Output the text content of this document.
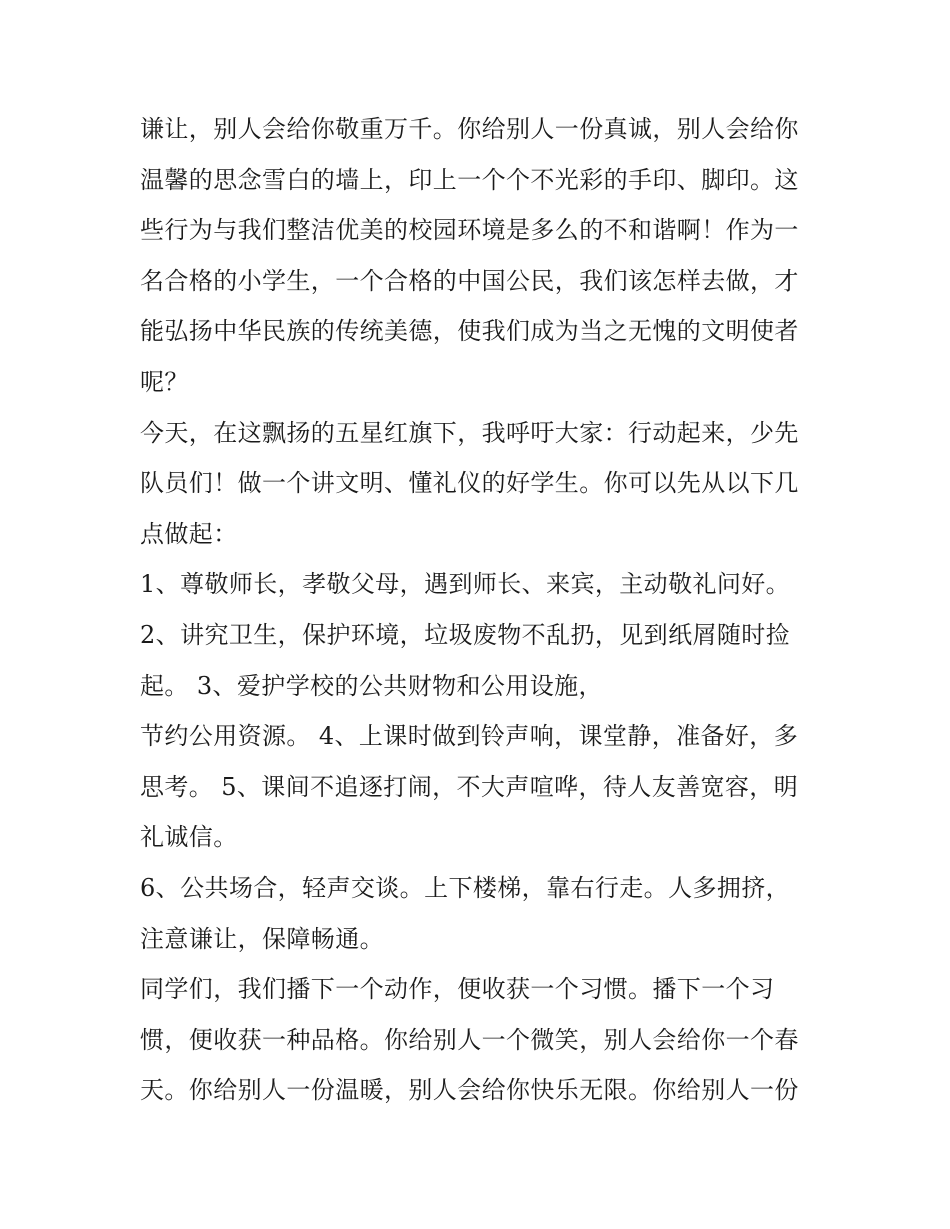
谦让，别人会给你敬重万千。你给别人一份真诚，别人会给你
温馨的思念雪白的墙上，印上一个个不光彩的手印、脚印。这
些行为与我们整洁优美的校园环境是多么的不和谐啊！作为一
名合格的小学生，一个合格的中国公民，我们该怎样去做，才
能弘扬中华民族的传统美德，使我们成为当之无愧的文明使者
呢？
今天，在这飘扬的五星红旗下，我呼吁大家：行动起来，少先
队员们！做一个讲文明、懂礼仪的好学生。你可以先从以下几
点做起：
1、尊敬师长，孝敬父母，遇到师长、来宾，主动敬礼问好。
2、讲究卫生，保护环境，垃圾废物不乱扔，见到纸屑随时捡
起。 3、爱护学校的公共财物和公用设施，
节约公用资源。 4、上课时做到铃声响，课堂静，准备好，多
思考。 5、课间不追逐打闹，不大声喧哗，待人友善宽容，明
礼诚信。
6、公共场合，轻声交谈。上下楼梯，靠右行走。人多拥挤，
注意谦让，保障畅通。
同学们，我们播下一个动作，便收获一个习惯。播下一个习
惯，便收获一种品格。你给别人一个微笑，别人会给你一个春
天。你给别人一份温暖，别人会给你快乐无限。你给别人一份
